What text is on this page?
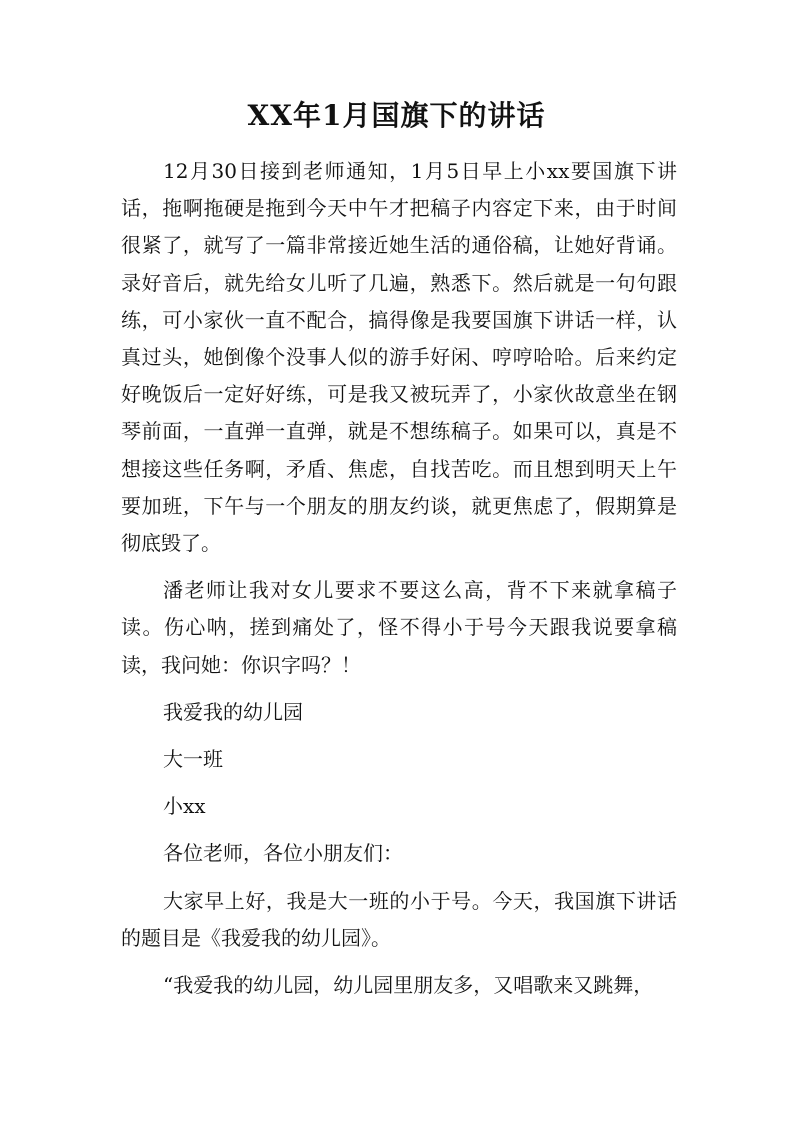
XX年1月国旗下的讲话

12月30日接到老师通知，1月5日早上小xx要国旗下讲话，拖啊拖硬是拖到今天中午才把稿子内容定下来，由于时间很紧了，就写了一篇非常接近她生活的通俗稿，让她好背诵。录好音后，就先给女儿听了几遍，熟悉下。然后就是一句句跟练，可小家伙一直不配合，搞得像是我要国旗下讲话一样，认真过头，她倒像个没事人似的游手好闲、哼哼哈哈。后来约定好晚饭后一定好好练，可是我又被玩弄了，小家伙故意坐在钢琴前面，一直弹一直弹，就是不想练稿子。如果可以，真是不想接这些任务啊，矛盾、焦虑，自找苦吃。而且想到明天上午要加班，下午与一个朋友的朋友约谈，就更焦虑了，假期算是彻底毁了。

潘老师让我对女儿要求不要这么高，背不下来就拿稿子读。伤心呐，搓到痛处了，怪不得小于号今天跟我说要拿稿读，我问她：你识字吗？！

我爱我的幼儿园

大一班

小xx

各位老师，各位小朋友们：

大家早上好，我是大一班的小于号。今天，我国旗下讲话的题目是《我爱我的幼儿园》。

“我爱我的幼儿园，幼儿园里朋友多，又唱歌来又跳舞，
